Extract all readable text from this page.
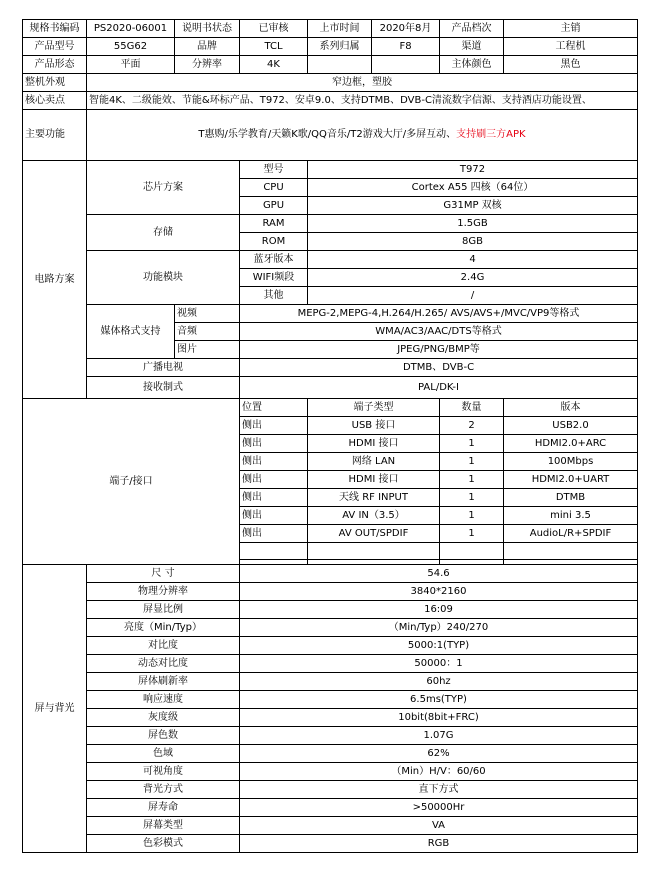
规格书编码	PS2020-06001	说明书状态	已审核	上市时间	2020年8月	产品档次	主销
产品型号	55G62	品牌	TCL	系列归属	F8	渠道	工程机
产品形态	平面	分辨率	4K			主体颜色	黑色
整机外观	窄边框，塑胶						
核心卖点	智能4K、二级能效、节能&环标产品、T972、安卓9.0、支持DTMB、DVB-C清流数字信源、支持酒店功能设置、						
主要功能	T惠购/乐学教育/天籁K歌/QQ音乐/T2游戏大厅/多屏互动、支持刷三方APK						
电路方案	芯片方案		型号	T972			
			CPU	Cortex A55 四核（64位）			
			GPU	G31MP 双核			
	存储		RAM	1.5GB			
			ROM	8GB			
	功能模块		蓝牙版本	4			
			WIFI频段	2.4G			
			其他	/			
	媒体格式支持	视频	MEPG-2,MEPG-4,H.264/H.265/ AVS/AVS+/MVC/VP9等格式				
		音频	WMA/AC3/AAC/DTS等格式				
		图片	JPEG/PNG/BMP等				
	广播电视		DTMB、DVB-C				
	接收制式		PAL/DK-I				
端子/接口			位置	端子类型		数量	版本
			侧出	USB 接口		2	USB2.0
			侧出	HDMI 接口		1	HDMI2.0+ARC
			侧出	网络 LAN		1	100Mbps
			侧出	HDMI 接口		1	HDMI2.0+UART
			侧出	天线 RF INPUT		1	DTMB
			侧出	AV IN（3.5）		1	mini 3.5
			侧出	AV OUT/SPDIF		1	AudioL/R+SPDIF

屏与背光	尺 寸		54.6				
	物理分辨率		3840*2160				
	屏显比例		16:09				
	亮度（Min/Typ）		（Min/Typ）240/270				
	对比度		5000:1(TYP)				
	动态对比度		50000：1				
	屏体刷新率		60hz				
	响应速度		6.5ms(TYP)				
	灰度级		10bit(8bit+FRC)				
	屏色数		1.07G				
	色域		62%				
	可视角度		（Min）H/V：60/60				
	背光方式		直下方式				
	屏寿命		>50000Hr				
	屏幕类型		VA				
	色彩模式		RGB				
